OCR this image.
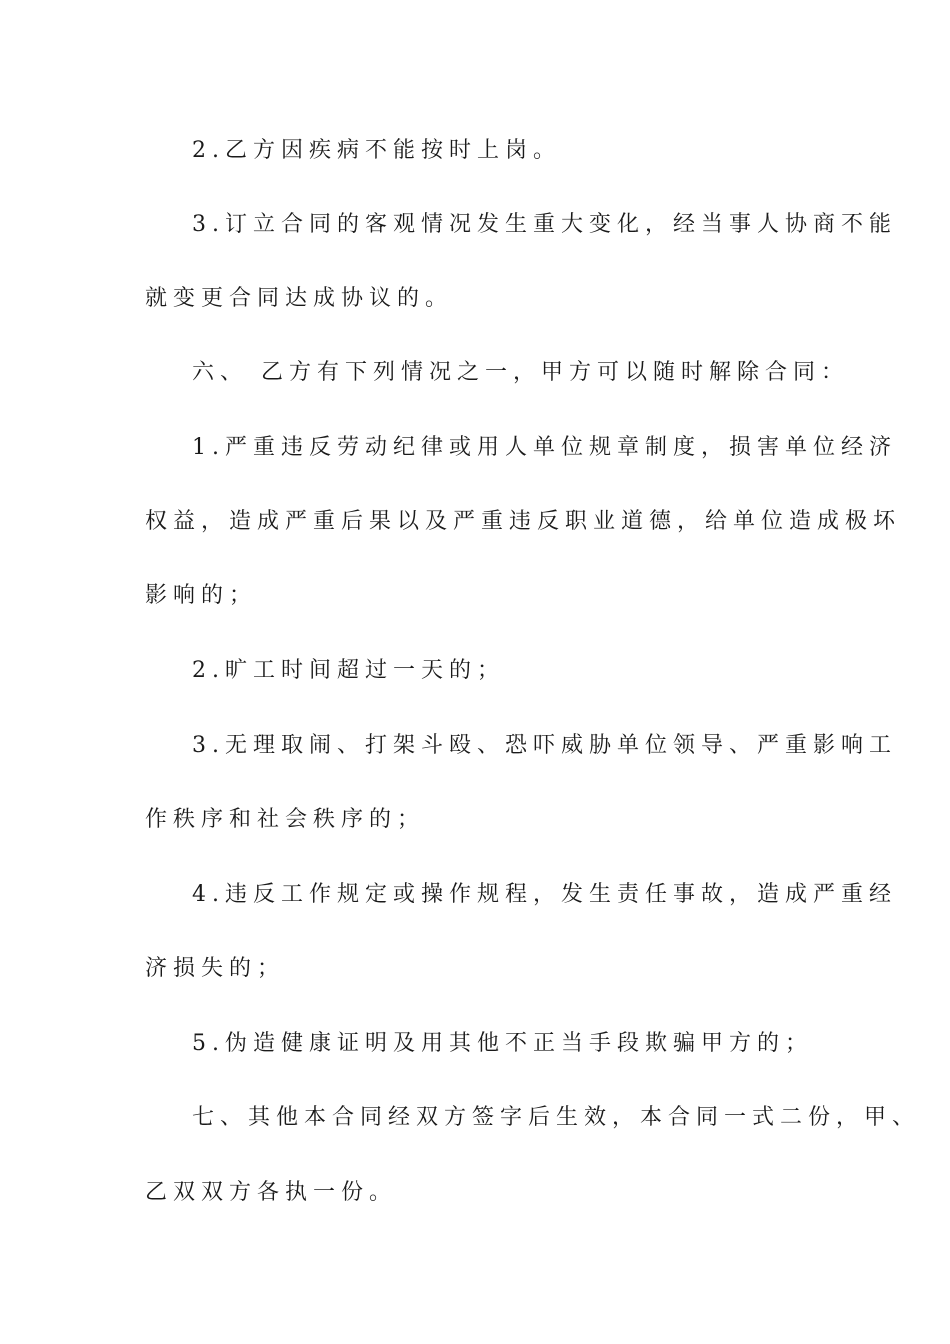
2.乙方因疾病不能按时上岗。
3.订立合同的客观情况发生重大变化，经当事人协商不能
就变更合同达成协议的。
六、 乙方有下列情况之一，甲方可以随时解除合同：
1.严重违反劳动纪律或用人单位规章制度，损害单位经济
权益，造成严重后果以及严重违反职业道德，给单位造成极坏
影响的；
2.旷工时间超过一天的；
3.无理取闹、打架斗殴、恐吓威胁单位领导、严重影响工
作秩序和社会秩序的；
4.违反工作规定或操作规程，发生责任事故，造成严重经
济损失的；
5.伪造健康证明及用其他不正当手段欺骗甲方的；
七、其他本合同经双方签字后生效，本合同一式二份，甲、
乙双双方各执一份。
